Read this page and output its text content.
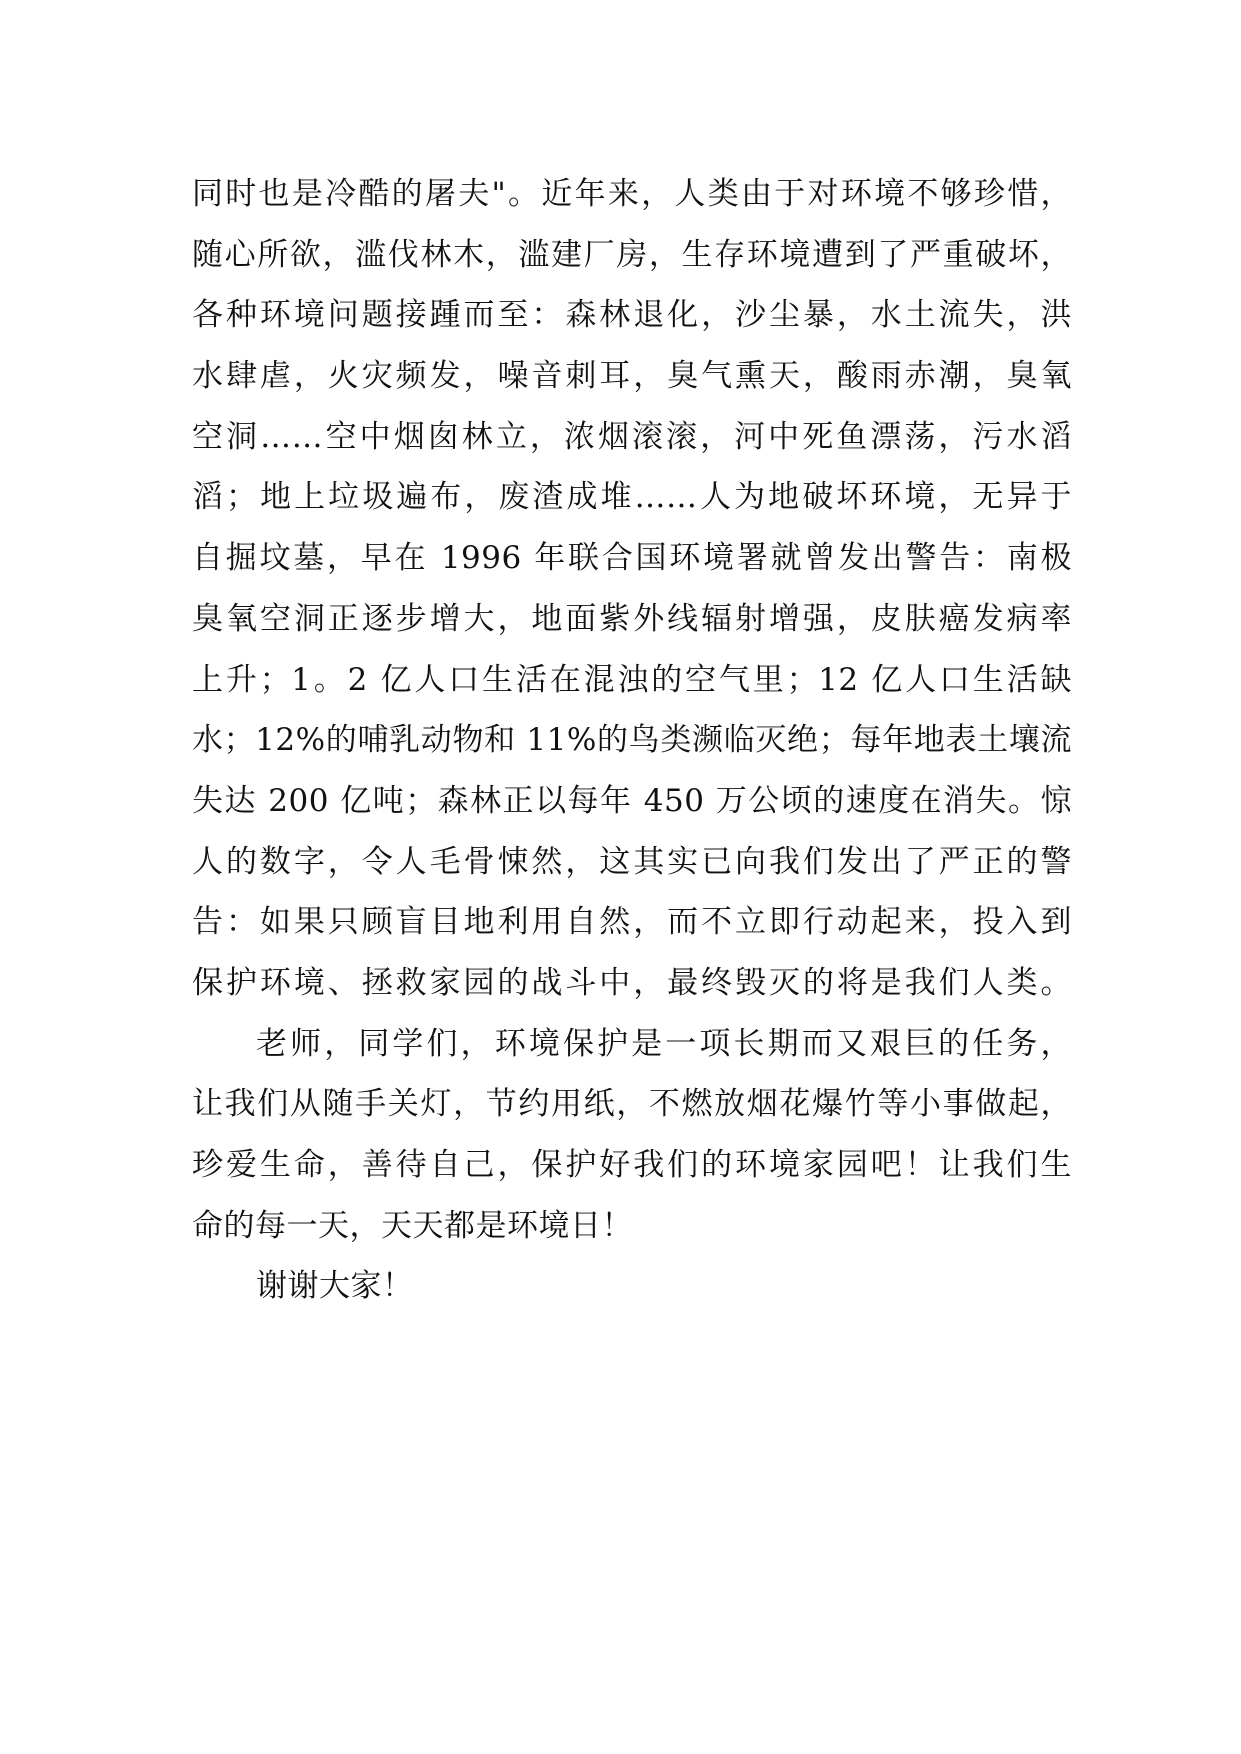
同时也是冷酷的屠夫"。近年来，人类由于对环境不够珍惜，
随心所欲，滥伐林木，滥建厂房，生存环境遭到了严重破坏，
各种环境问题接踵而至：森林退化，沙尘暴，水土流失，洪
水肆虐，火灾频发，噪音刺耳，臭气熏天，酸雨赤潮，臭氧
空洞……空中烟囱林立，浓烟滚滚，河中死鱼漂荡，污水滔
滔；地上垃圾遍布，废渣成堆……人为地破坏环境，无异于
自掘坟墓，早在 1996 年联合国环境署就曾发出警告：南极
臭氧空洞正逐步增大，地面紫外线辐射增强，皮肤癌发病率
上升；1。2 亿人口生活在混浊的空气里；12 亿人口生活缺
水；12%的哺乳动物和 11%的鸟类濒临灭绝；每年地表土壤流
失达 200 亿吨；森林正以每年 450 万公顷的速度在消失。惊
人的数字，令人毛骨悚然，这其实已向我们发出了严正的警
告：如果只顾盲目地利用自然，而不立即行动起来，投入到
保护环境、拯救家园的战斗中，最终毁灭的将是我们人类。
老师，同学们，环境保护是一项长期而又艰巨的任务，
让我们从随手关灯，节约用纸，不燃放烟花爆竹等小事做起，
珍爱生命，善待自己，保护好我们的环境家园吧！让我们生
命的每一天，天天都是环境日！
谢谢大家！
